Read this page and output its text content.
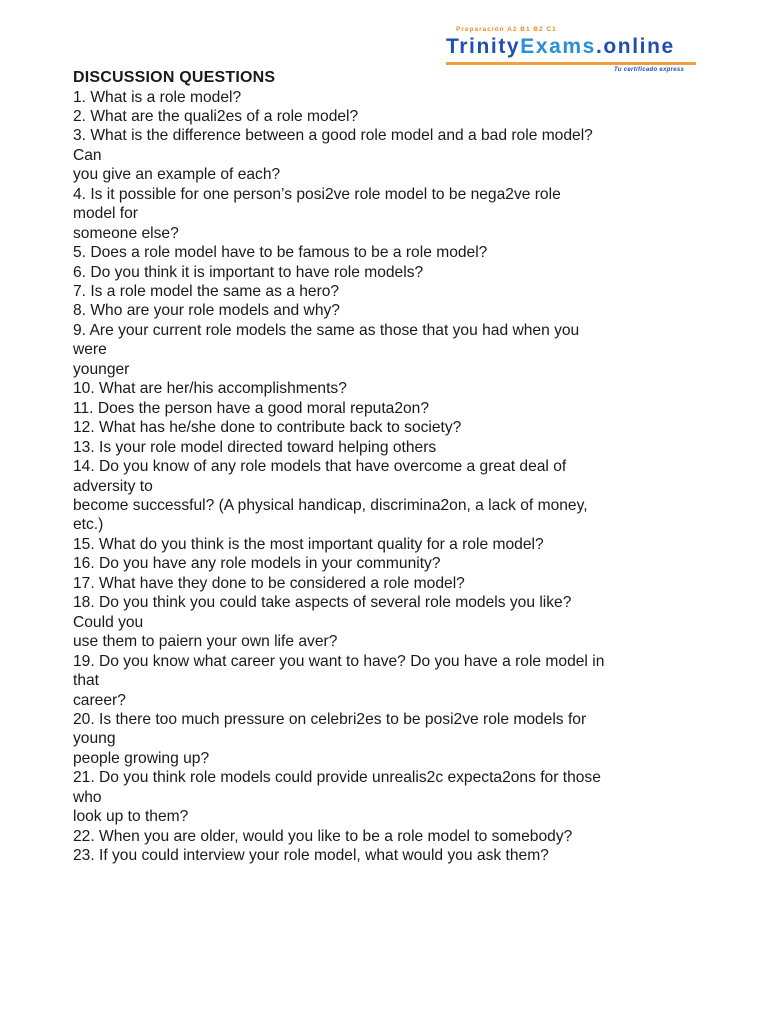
Preparación A2 B1 B2 C1
TrinityExams.online
Tu certificado express
DISCUSSION QUESTIONS
1. What is a role model?
2. What are the quali2es of a role model?
3. What is the difference between a good role model and a bad role model?
Can
you give an example of each?
4. Is it possible for one person’s posi2ve role model to be nega2ve role
model for
someone else?
5. Does a role model have to be famous to be a role model?
6. Do you think it is important to have role models?
7. Is a role model the same as a hero?
8. Who are your role models and why?
9. Are your current role models the same as those that you had when you
were
younger
10. What are her/his accomplishments?
11. Does the person have a good moral reputa2on?
12. What has he/she done to contribute back to society?
13. Is your role model directed toward helping others
14. Do you know of any role models that have overcome a great deal of
adversity to
become successful? (A physical handicap, discrimina2on, a lack of money,
etc.)
15. What do you think is the most important quality for a role model?
16. Do you have any role models in your community?
17. What have they done to be considered a role model?
18. Do you think you could take aspects of several role models you like?
Could you
use them to paiern your own life aver?
19. Do you know what career you want to have? Do you have a role model in
that
career?
20. Is there too much pressure on celebri2es to be posi2ve role models for
young
people growing up?
21. Do you think role models could provide unrealis2c expecta2ons for those
who
look up to them?
22. When you are older, would you like to be a role model to somebody?
23. If you could interview your role model, what would you ask them?
